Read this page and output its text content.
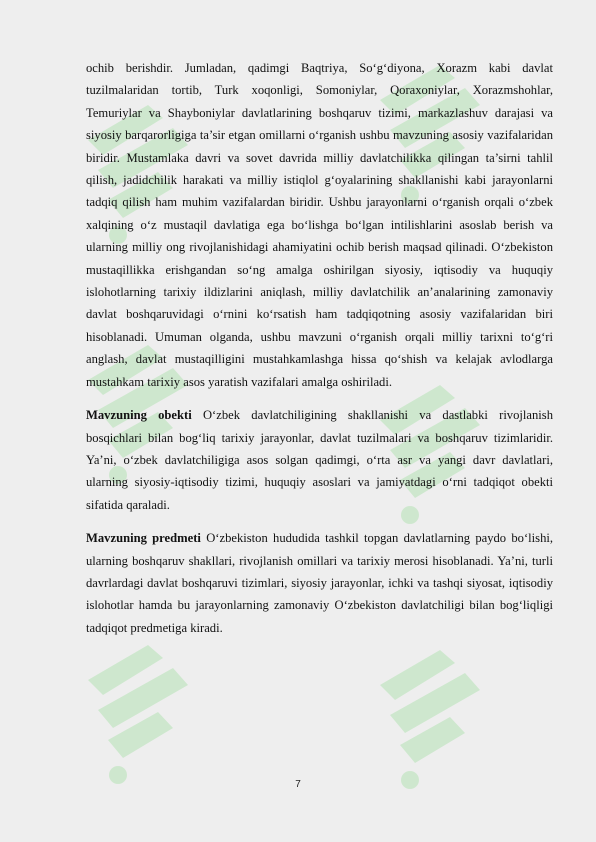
ochib berishdir. Jumladan, qadimgi Baqtriya, So‘g‘diyona, Xorazm kabi davlat tuzilmalaridan tortib, Turk xoqonligi, Somoniylar, Qoraxoniylar, Xorazmshohlar, Temuriylar va Shayboniylar davlatlarining boshqaruv tizimi, markazlashuv darajasi va siyosiy barqarorligiga ta’sir etgan omillarni o‘rganish ushbu mavzuning asosiy vazifalaridan biridir. Mustamlaka davri va sovet davrida milliy davlatchilikka qilingan ta’sirni tahlil qilish, jadidchilik harakati va milliy istiqlol g‘oyalarining shakllanishi kabi jarayonlarni tadqiq qilish ham muhim vazifalardan biridir. Ushbu jarayonlarni o‘rganish orqali o‘zbek xalqining o‘z mustaqil davlatiga ega bo‘lishga bo‘lgan intilishlarini asoslab berish va ularning milliy ong rivojlanishidagi ahamiyatini ochib berish maqsad qilinadi. O‘zbekiston mustaqillikka erishgandan so‘ng amalga oshirilgan siyosiy, iqtisodiy va huquqiy islohotlarning tarixiy ildizlarini aniqlash, milliy davlatchilik an’analarining zamonaviy davlat boshqaruvidagi o‘rnini ko‘rsatish ham tadqiqotning asosiy vazifalaridan biri hisoblanadi. Umuman olganda, ushbu mavzuni o‘rganish orqali milliy tarixni to‘g‘ri anglash, davlat mustaqilligini mustahkamlashga hissa qo‘shish va kelajak avlodlarga mustahkam tarixiy asos yaratish vazifalari amalga oshiriladi.

Mavzuning obekti O‘zbek davlatchiligining shakllanishi va dastlabki rivojlanish bosqichlari bilan bog‘liq tarixiy jarayonlar, davlat tuzilmalari va boshqaruv tizimlaridir. Ya’ni, o‘zbek davlatchiligiga asos solgan qadimgi, o‘rta asr va yangi davr davlatlari, ularning siyosiy-iqtisodiy tizimi, huquqiy asoslari va jamiyatdagi o‘rni tadqiqot obekti sifatida qaraladi.

Mavzuning predmeti O‘zbekiston hududida tashkil topgan davlatlarning paydo bo‘lishi, ularning boshqaruv shakllari, rivojlanish omillari va tarixiy merosi hisoblanadi. Ya’ni, turli davrlardagi davlat boshqaruvi tizimlari, siyosiy jarayonlar, ichki va tashqi siyosat, iqtisodiy islohotlar hamda bu jarayonlarning zamonaviy O‘zbekiston davlatchiligi bilan bog‘liqligi tadqiqot predmetiga kiradi.

7
